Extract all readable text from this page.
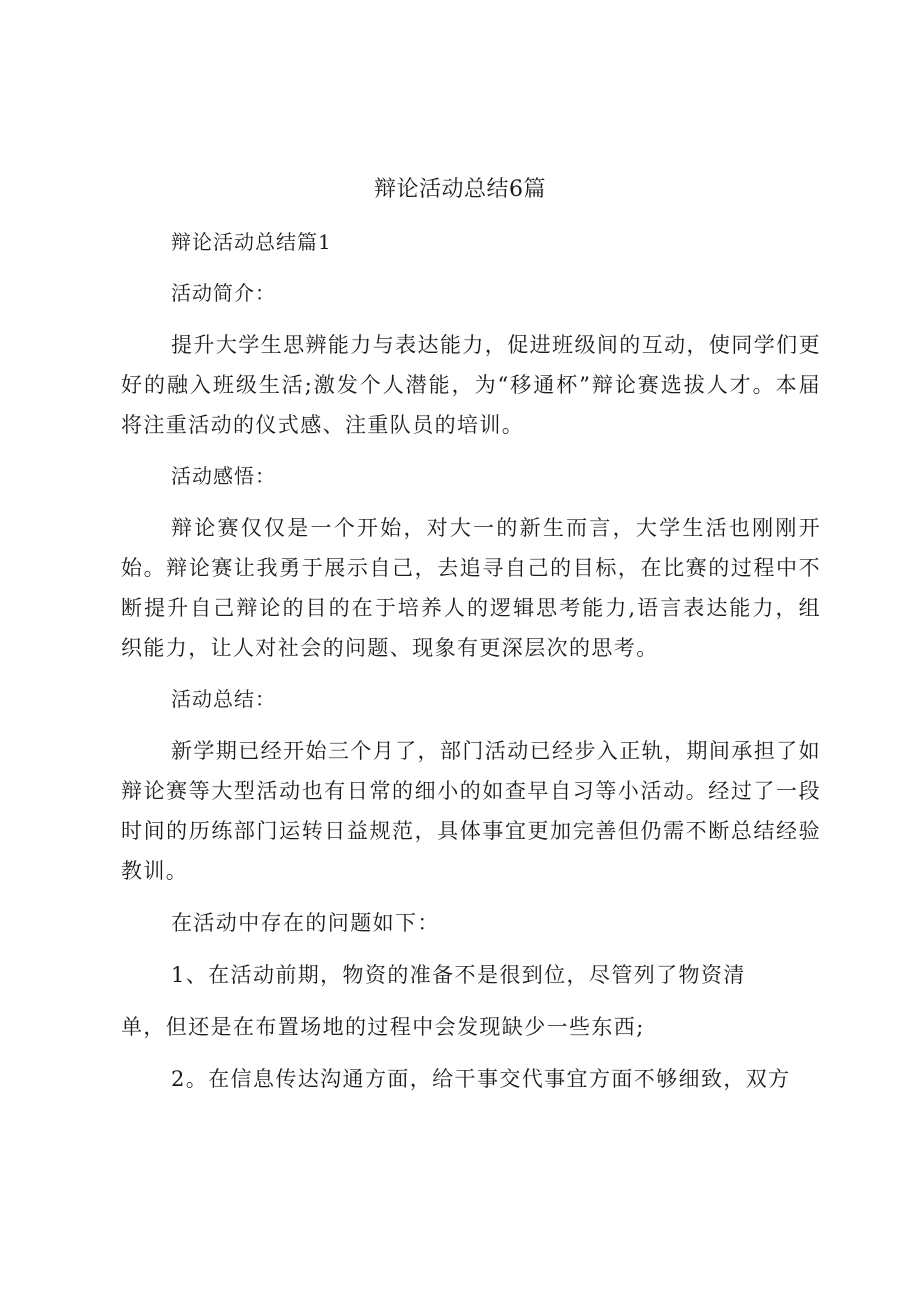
辩论活动总结6篇

辩论活动总结篇1

活动简介：

提升大学生思辨能力与表达能力，促进班级间的互动，使同学们更好的融入班级生活;激发个人潜能，为“移通杯”辩论赛选拔人才。本届将注重活动的仪式感、注重队员的培训。

活动感悟：

辩论赛仅仅是一个开始，对大一的新生而言，大学生活也刚刚开始。辩论赛让我勇于展示自己，去追寻自己的目标，在比赛的过程中不断提升自己辩论的目的在于培养人的逻辑思考能力,语言表达能力，组织能力，让人对社会的问题、现象有更深层次的思考。

活动总结：

新学期已经开始三个月了，部门活动已经步入正轨，期间承担了如辩论赛等大型活动也有日常的细小的如查早自习等小活动。经过了一段时间的历练部门运转日益规范，具体事宜更加完善但仍需不断总结经验教训。

在活动中存在的问题如下：

1、在活动前期，物资的准备不是很到位，尽管列了物资清

单，但还是在布置场地的过程中会发现缺少一些东西;

2。在信息传达沟通方面，给干事交代事宜方面不够细致，双方
